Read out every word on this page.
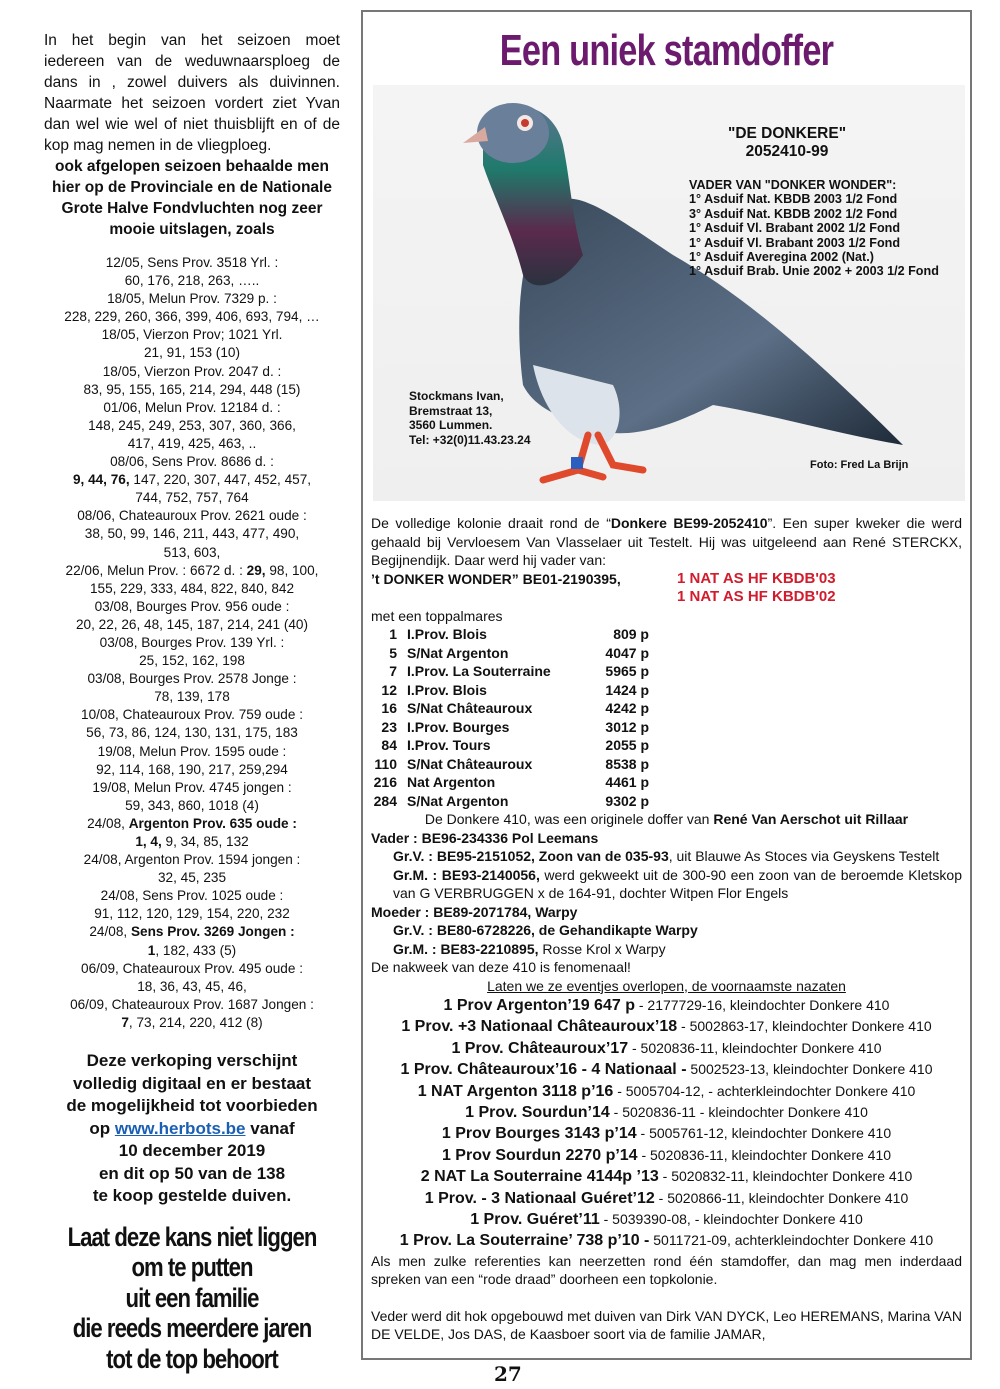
In het begin van het seizoen moet iedereen van de weduwnaarsploeg de dans in , zowel duivers als duivinnen. Naarmate het seizoen vordert ziet Yvan dan wel wie wel of niet thuisblijft en of de kop mag nemen in de vliegploeg.

ook afgelopen seizoen behaalde men hier op de Provinciale en de Nationale Grote Halve Fondvluchten nog zeer mooie uitslagen, zoals

12/05, Sens Prov. 3518 Yrl. :
60, 176, 218, 263, …..
18/05, Melun Prov. 7329 p. :
228, 229, 260, 366, 399, 406, 693, 794, …
18/05, Vierzon Prov; 1021 Yrl.
21, 91, 153 (10)
18/05, Vierzon Prov. 2047 d. :
83, 95, 155, 165, 214, 294, 448 (15)
01/06, Melun Prov. 12184 d. :
148, 245, 249, 253, 307, 360, 366,
417, 419, 425, 463, ..
08/06, Sens Prov. 8686 d. :
9, 44, 76, 147, 220, 307, 447, 452, 457,
744, 752, 757, 764
08/06, Chateauroux Prov. 2621 oude :
38, 50, 99, 146, 211, 443, 477, 490,
513, 603,
22/06, Melun Prov. : 6672 d. : 29, 98, 100,
155, 229, 333, 484, 822, 840, 842
03/08, Bourges Prov. 956 oude :
20, 22, 26, 48, 145, 187, 214, 241 (40)
03/08, Bourges Prov. 139 Yrl. :
25, 152, 162, 198
03/08, Bourges Prov. 2578 Jonge :
78, 139, 178
10/08, Chateauroux Prov. 759 oude :
56, 73, 86, 124, 130, 131, 175, 183
19/08, Melun Prov. 1595 oude :
92, 114, 168, 190, 217, 259,294
19/08, Melun Prov. 4745 jongen :
59, 343, 860, 1018 (4)
24/08, Argenton Prov. 635 oude :
1, 4, 9, 34, 85, 132
24/08, Argenton Prov. 1594 jongen :
32, 45, 235
24/08, Sens Prov. 1025 oude :
91, 112, 120, 129, 154, 220, 232
24/08, Sens Prov. 3269 Jongen :
1, 182, 433 (5)
06/09, Chateauroux Prov. 495 oude :
18, 36, 43, 45, 46,
06/09, Chateauroux Prov. 1687 Jongen :
7, 73, 214, 220, 412 (8)
Deze verkoping verschijnt
volledig digitaal en er bestaat
de mogelijkheid tot voorbieden
op www.herbots.be vanaf
10 december 2019
en dit op 50 van de 138
te koop gestelde duiven.
Laat deze kans niet liggen
om te putten
uit een familie
die reeds meerdere jaren
tot de top behoort
Een uniek stamdoffer
"DE DONKERE"
2052410-99
VADER VAN "DONKER WONDER":
1° Asduif Nat. KBDB 2003 1/2 Fond
3° Asduif Nat. KBDB 2002 1/2 Fond
1° Asduif Vl. Brabant 2002 1/2 Fond
1° Asduif Vl. Brabant 2003 1/2 Fond
1° Asduif Averegina 2002 (Nat.)
1° Asduif Brab. Unie 2002 + 2003 1/2 Fond
Stockmans Ivan,
Bremstraat 13,
3560 Lummen.
Tel: +32(0)11.43.23.24
Foto: Fred La Brijn

De volledige kolonie draait rond de “Donkere BE99-2052410”. Een super kweker die werd gehaald bij Vervloesem Van Vlasselaer uit Testelt. Hij was uitgeleend aan René STERCKX, Begijnendijk. Daar werd hij vader van:

’t DONKER WONDER” BE01-2190395,	1 NAT AS HF KBDB'03
1 NAT AS HF KBDB'02
met een toppalmares
1	I.Prov. Blois	809 p
5	S/Nat Argenton	4047 p
7	I.Prov. La Souterraine	5965 p
12	I.Prov. Blois	1424 p
16	S/Nat Châteauroux	4242 p
23	I.Prov. Bourges	3012 p
84	I.Prov. Tours	2055 p
110	S/Nat Châteauroux	8538 p
216	Nat Argenton	4461 p
284	S/Nat Argenton	9302 p
De Donkere 410, was een originele doffer van René Van Aerschot uit Rillaar
Vader : BE96-234336 Pol Leemans
Gr.V. : BE95-2151052, Zoon van de 035-93, uit Blauwe As Stoces via Geyskens Testelt
Gr.M. : BE93-2140056, werd gekweekt uit de 300-90 een zoon van de beroemde Kletskop van G VERBRUGGEN x de 164-91, dochter Witpen Flor Engels
Moeder : BE89-2071784, Warpy
Gr.V. : BE80-6728226, de Gehandikapte Warpy
Gr.M. : BE83-2210895, Rosse Krol x Warpy
De nakweek van deze 410 is fenomenaal!
Laten we ze eventjes overlopen, de voornaamste nazaten
1 Prov Argenton’19 647 p - 2177729-16, kleindochter Donkere 410
1 Prov. +3 Nationaal Châteauroux’18 - 5002863-17, kleindochter Donkere 410
1 Prov. Châteauroux’17 - 5020836-11, kleindochter Donkere 410
1 Prov. Châteauroux’16 - 4 Nationaal - 5002523-13, kleindochter Donkere 410
1 NAT Argenton 3118 p’16 - 5005704-12, - achterkleindochter Donkere 410
1 Prov. Sourdun’14 - 5020836-11 - kleindochter Donkere 410
1 Prov Bourges 3143 p’14 - 5005761-12, kleindochter Donkere 410
1 Prov Sourdun 2270 p’14 - 5020836-11, kleindochter Donkere 410
2 NAT La Souterraine 4144p ’13 - 5020832-11, kleindochter Donkere 410
1 Prov. - 3 Nationaal Guéret’12 - 5020866-11, kleindochter Donkere 410
1 Prov. Guéret’11 - 5039390-08, - kleindochter Donkere 410
1 Prov. La Souterraine’ 738 p’10 - 5011721-09, achterkleindochter Donkere 410

Als men zulke referenties kan neerzetten rond één stamdoffer, dan mag men inderdaad spreken van een “rode draad” doorheen een topkolonie.

Veder werd dit hok opgebouwd met duiven van Dirk VAN DYCK, Leo HEREMANS, Marina VAN DE VELDE, Jos DAS, de Kaasboer soort via de familie JAMAR,

27
